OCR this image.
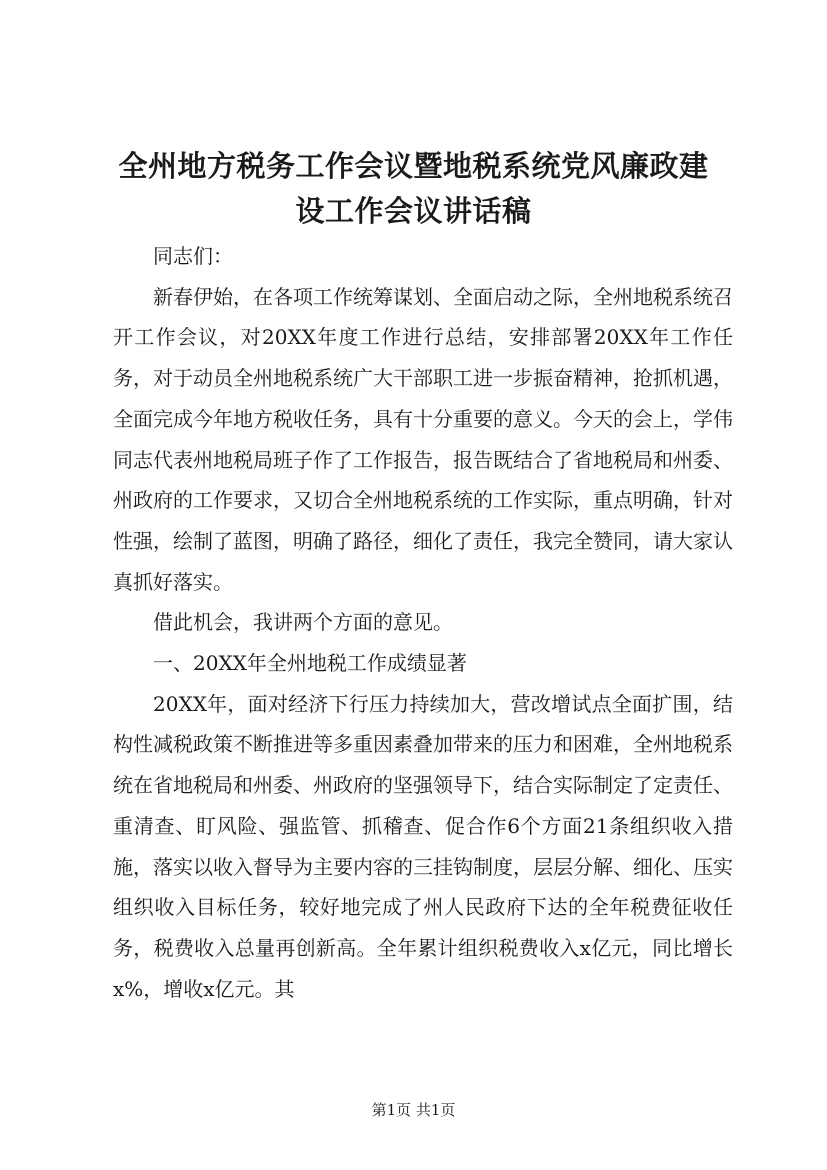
全州地方税务工作会议暨地税系统党风廉政建
设工作会议讲话稿

同志们：

新春伊始，在各项工作统筹谋划、全面启动之际，全州地税系统召开工作会议，对20XX年度工作进行总结，安排部署20XX年工作任务，对于动员全州地税系统广大干部职工进一步振奋精神，抢抓机遇，全面完成今年地方税收任务，具有十分重要的意义。今天的会上，学伟同志代表州地税局班子作了工作报告，报告既结合了省地税局和州委、州政府的工作要求，又切合全州地税系统的工作实际，重点明确，针对性强，绘制了蓝图，明确了路径，细化了责任，我完全赞同，请大家认真抓好落实。

借此机会，我讲两个方面的意见。

一、20XX年全州地税工作成绩显著

20XX年，面对经济下行压力持续加大，营改增试点全面扩围，结构性减税政策不断推进等多重因素叠加带来的压力和困难，全州地税系统在省地税局和州委、州政府的坚强领导下，结合实际制定了定责任、重清查、盯风险、强监管、抓稽查、促合作6个方面21条组织收入措施，落实以收入督导为主要内容的三挂钩制度，层层分解、细化、压实组织收入目标任务，较好地完成了州人民政府下达的全年税费征收任务，税费收入总量再创新高。全年累计组织税费收入x亿元，同比增长x%，增收x亿元。其

第1页 共1页
